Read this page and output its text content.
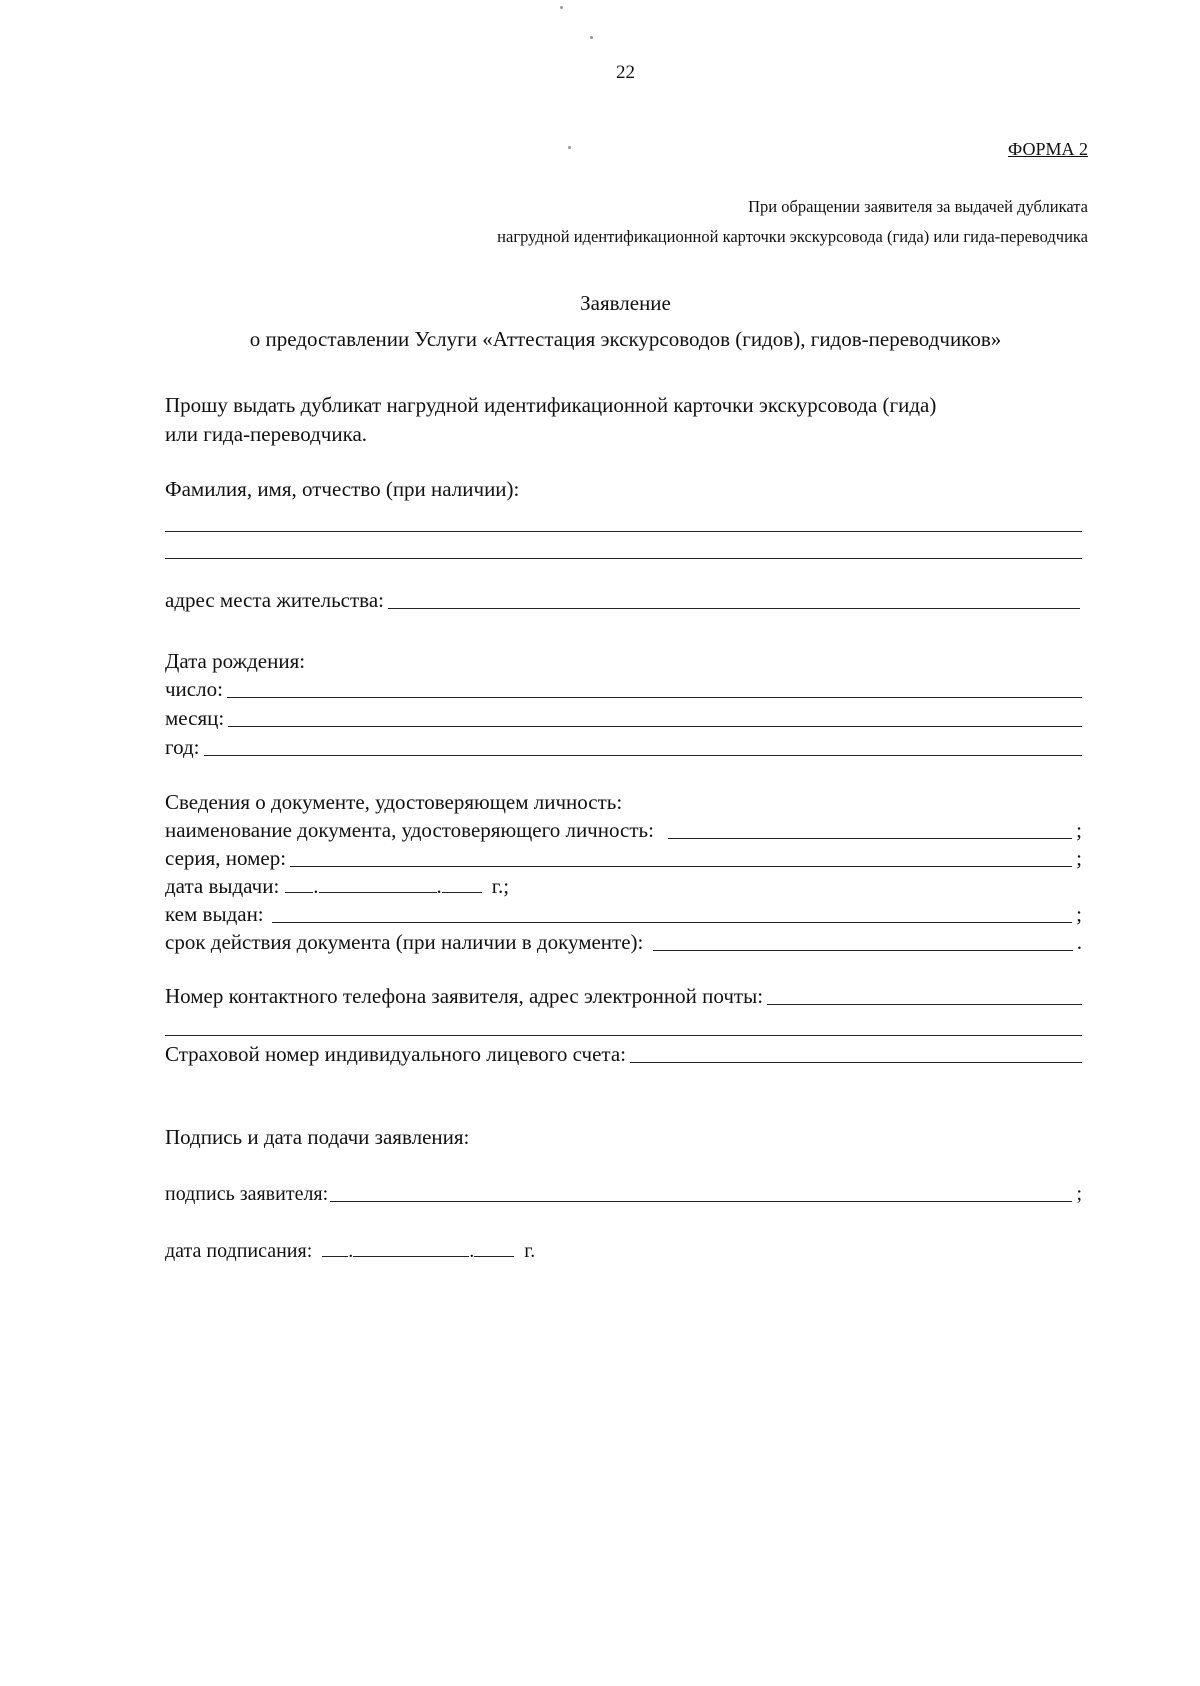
22
ФОРМА 2
При обращении заявителя за выдачей дубликата
нагрудной идентификационной карточки экскурсовода (гида) или гида-переводчика
Заявление
о предоставлении Услуги «Аттестация экскурсоводов (гидов), гидов-переводчиков»
Прошу выдать дубликат нагрудной идентификационной карточки экскурсовода (гида)
или гида-переводчика.
Фамилия, имя, отчество (при наличии):
адрес места жительства:
Дата рождения:
число:
месяц:
год:
Сведения о документе, удостоверяющем личность:
наименование документа, удостоверяющего личность:	;
серия, номер:	;
дата выдачи: .	. г.;
кем выдан:	;
срок действия документа (при наличии в документе):	.
Номер контактного телефона заявителя, адрес электронной почты:
Страховой номер индивидуального лицевого счета:
Подпись и дата подачи заявления:
подпись заявителя:	;
дата подписания: .	.	г.
